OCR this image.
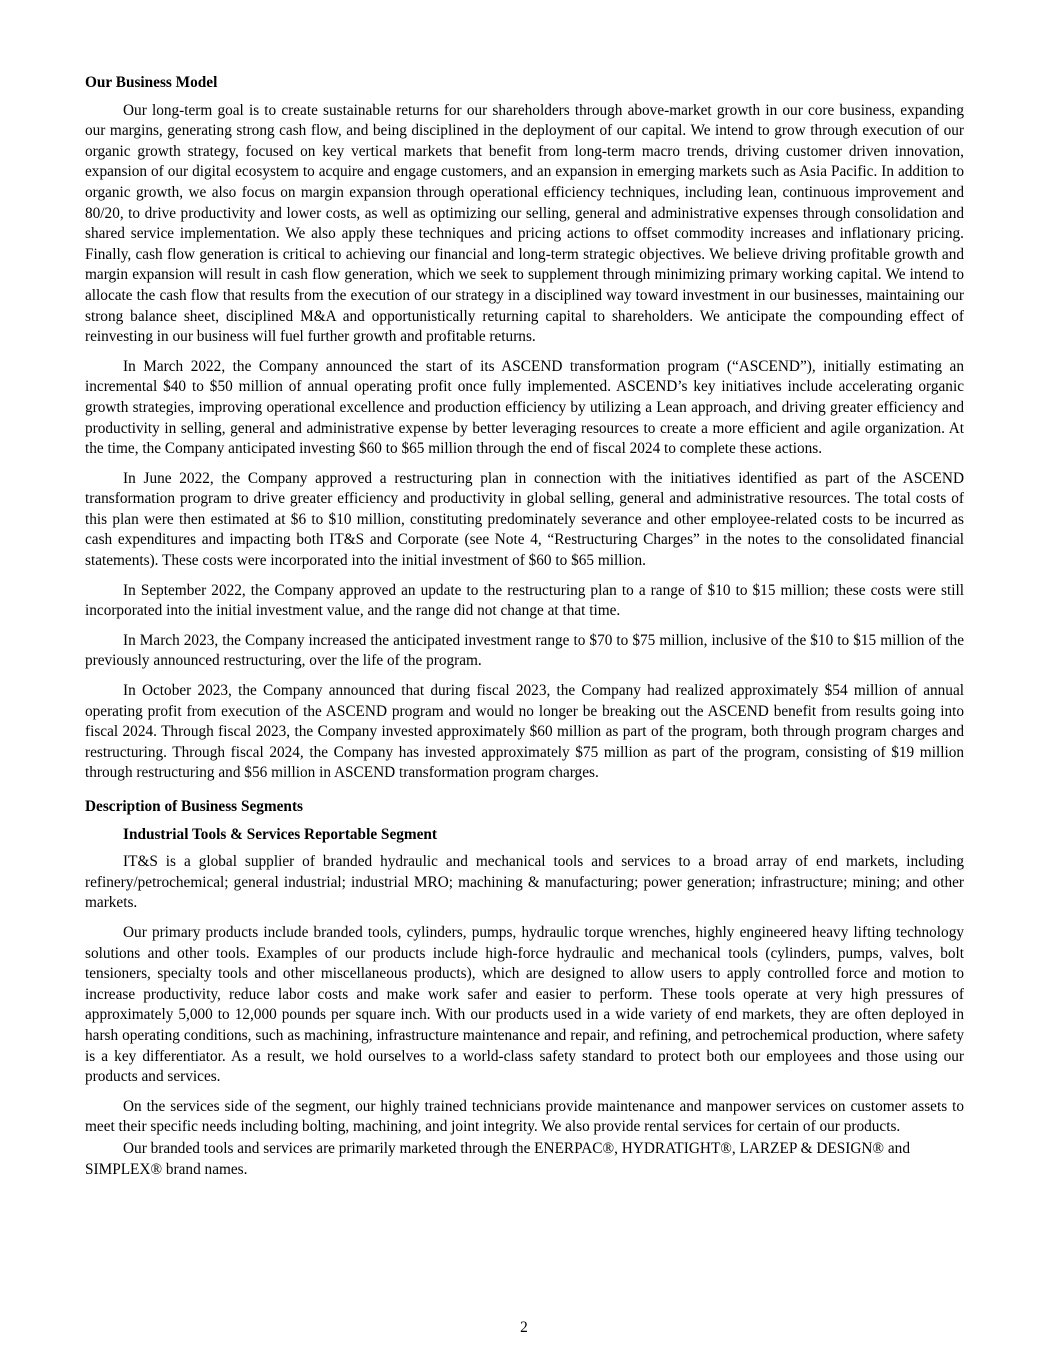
Our Business Model

Our long-term goal is to create sustainable returns for our shareholders through above-market growth in our core business, expanding our margins, generating strong cash flow, and being disciplined in the deployment of our capital. We intend to grow through execution of our organic growth strategy, focused on key vertical markets that benefit from long-term macro trends, driving customer driven innovation, expansion of our digital ecosystem to acquire and engage customers, and an expansion in emerging markets such as Asia Pacific. In addition to organic growth, we also focus on margin expansion through operational efficiency techniques, including lean, continuous improvement and 80/20, to drive productivity and lower costs, as well as optimizing our selling, general and administrative expenses through consolidation and shared service implementation. We also apply these techniques and pricing actions to offset commodity increases and inflationary pricing. Finally, cash flow generation is critical to achieving our financial and long-term strategic objectives. We believe driving profitable growth and margin expansion will result in cash flow generation, which we seek to supplement through minimizing primary working capital. We intend to allocate the cash flow that results from the execution of our strategy in a disciplined way toward investment in our businesses, maintaining our strong balance sheet, disciplined M&A and opportunistically returning capital to shareholders. We anticipate the compounding effect of reinvesting in our business will fuel further growth and profitable returns.

In March 2022, the Company announced the start of its ASCEND transformation program (“ASCEND”), initially estimating an incremental $40 to $50 million of annual operating profit once fully implemented. ASCEND’s key initiatives include accelerating organic growth strategies, improving operational excellence and production efficiency by utilizing a Lean approach, and driving greater efficiency and productivity in selling, general and administrative expense by better leveraging resources to create a more efficient and agile organization. At the time, the Company anticipated investing $60 to $65 million through the end of fiscal 2024 to complete these actions.

In June 2022, the Company approved a restructuring plan in connection with the initiatives identified as part of the ASCEND transformation program to drive greater efficiency and productivity in global selling, general and administrative resources. The total costs of this plan were then estimated at $6 to $10 million, constituting predominately severance and other employee-related costs to be incurred as cash expenditures and impacting both IT&S and Corporate (see Note 4, “Restructuring Charges” in the notes to the consolidated financial statements). These costs were incorporated into the initial investment of $60 to $65 million.

In September 2022, the Company approved an update to the restructuring plan to a range of $10 to $15 million; these costs were still incorporated into the initial investment value, and the range did not change at that time.

In March 2023, the Company increased the anticipated investment range to $70 to $75 million, inclusive of the $10 to $15 million of the previously announced restructuring, over the life of the program.

In October 2023, the Company announced that during fiscal 2023, the Company had realized approximately $54 million of annual operating profit from execution of the ASCEND program and would no longer be breaking out the ASCEND benefit from results going into fiscal 2024. Through fiscal 2023, the Company invested approximately $60 million as part of the program, both through program charges and restructuring. Through fiscal 2024, the Company has invested approximately $75 million as part of the program, consisting of $19 million through restructuring and $56 million in ASCEND transformation program charges.

Description of Business Segments
Industrial Tools & Services Reportable Segment

IT&S is a global supplier of branded hydraulic and mechanical tools and services to a broad array of end markets, including refinery/petrochemical; general industrial; industrial MRO; machining & manufacturing; power generation; infrastructure; mining; and other markets.

Our primary products include branded tools, cylinders, pumps, hydraulic torque wrenches, highly engineered heavy lifting technology solutions and other tools. Examples of our products include high-force hydraulic and mechanical tools (cylinders, pumps, valves, bolt tensioners, specialty tools and other miscellaneous products), which are designed to allow users to apply controlled force and motion to increase productivity, reduce labor costs and make work safer and easier to perform. These tools operate at very high pressures of approximately 5,000 to 12,000 pounds per square inch. With our products used in a wide variety of end markets, they are often deployed in harsh operating conditions, such as machining, infrastructure maintenance and repair, and refining, and petrochemical production, where safety is a key differentiator. As a result, we hold ourselves to a world-class safety standard to protect both our employees and those using our products and services.

On the services side of the segment, our highly trained technicians provide maintenance and manpower services on customer assets to meet their specific needs including bolting, machining, and joint integrity. We also provide rental services for certain of our products.

Our branded tools and services are primarily marketed through the ENERPAC®, HYDRATIGHT®, LARZEP & DESIGN® and SIMPLEX® brand names.

2
